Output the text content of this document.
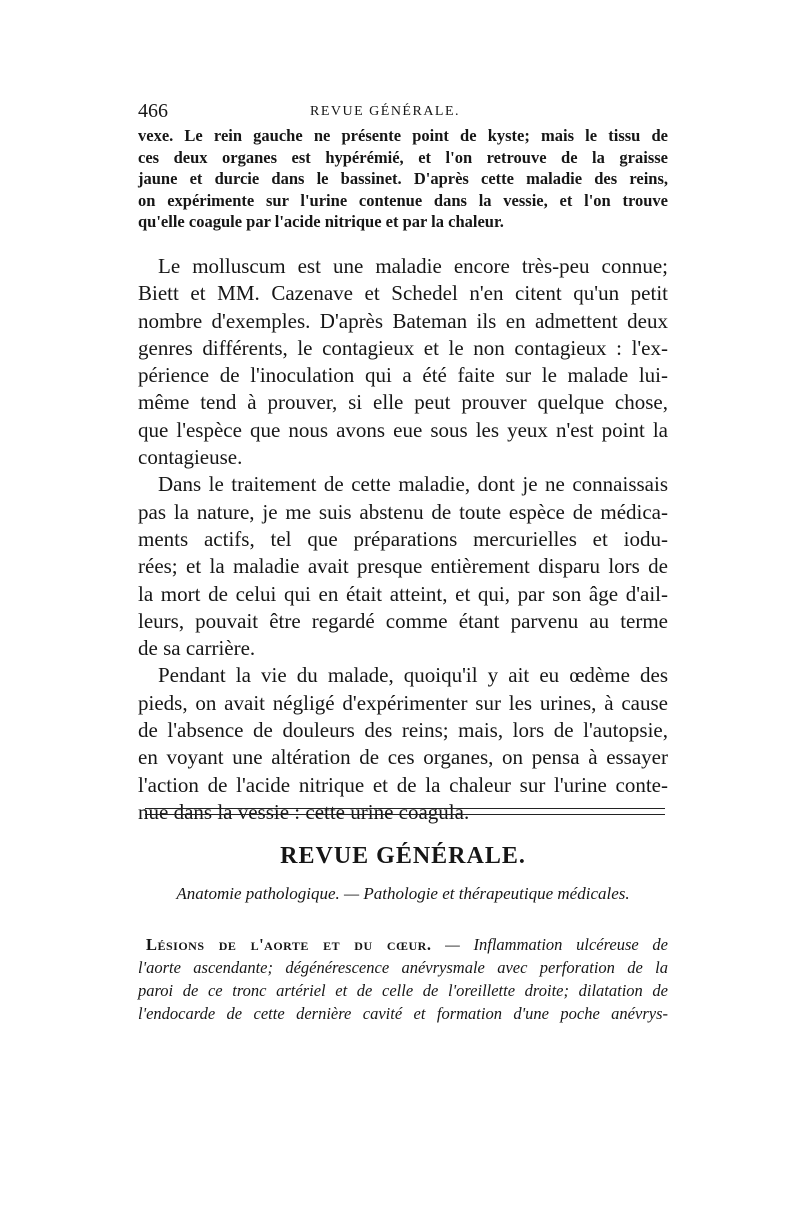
466	REVUE GÉNÉRALE.
vexe. Le rein gauche ne présente point de kyste; mais le tissu de
ces deux organes est hypérémié, et l'on retrouve de la graisse
jaune et durcie dans le bassinet. D'après cette maladie des reins,
on expérimente sur l'urine contenue dans la vessie, et l'on trouve
qu'elle coagule par l'acide nitrique et par la chaleur.
Le molluscum est une maladie encore très-peu connue;
Biett et MM. Cazenave et Schedel n'en citent qu'un petit
nombre d'exemples. D'après Bateman ils en admettent deux
genres différents, le contagieux et le non contagieux : l'ex-
périence de l'inoculation qui a été faite sur le malade lui-
même tend à prouver, si elle peut prouver quelque chose,
que l'espèce que nous avons eue sous les yeux n'est point la
contagieuse.
Dans le traitement de cette maladie, dont je ne connaissais
pas la nature, je me suis abstenu de toute espèce de médica-
ments actifs, tel que préparations mercurielles et iodu-
rées; et la maladie avait presque entièrement disparu lors de
la mort de celui qui en était atteint, et qui, par son âge d'ail-
leurs, pouvait être regardé comme étant parvenu au terme
de sa carrière.
Pendant la vie du malade, quoiqu'il y ait eu œdème des
pieds, on avait négligé d'expérimenter sur les urines, à cause
de l'absence de douleurs des reins; mais, lors de l'autopsie,
en voyant une altération de ces organes, on pensa à essayer
l'action de l'acide nitrique et de la chaleur sur l'urine conte-
nue dans la vessie : cette urine coagula.
REVUE GÉNÉRALE.
Anatomie pathologique. — Pathologie et thérapeutique médicales.
Lésions de l'aorte et du cœur. — Inflammation ulcéreuse de
l'aorte ascendante; dégénérescence anévrysmale avec perforation de la
paroi de ce tronc artériel et de celle de l'oreillette droite; dilatation de
l'endocarde de cette dernière cavité et formation d'une poche anévrys-
